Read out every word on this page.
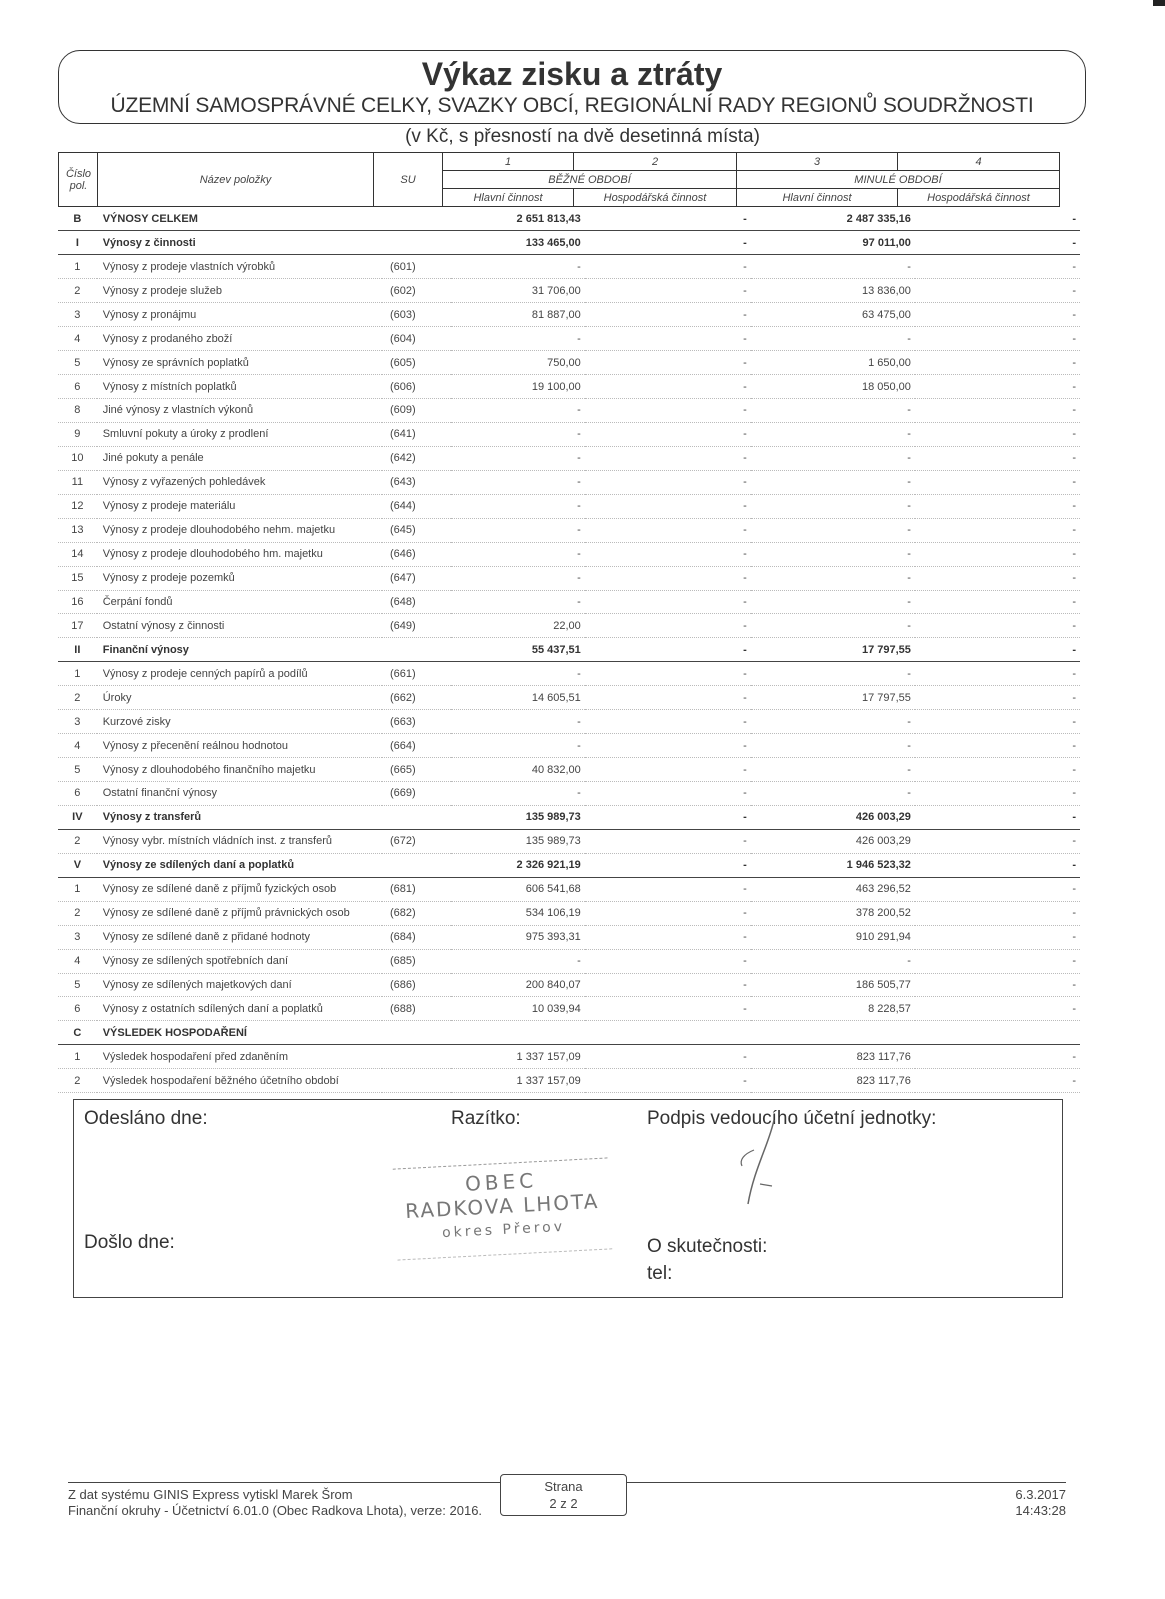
Výkaz zisku a ztráty
ÚZEMNÍ SAMOSPRÁVNÉ CELKY, SVAZKY OBCÍ, REGIONÁLNÍ RADY REGIONŮ SOUDRŽNOSTI
(v Kč, s přesností na dvě desetinná místa)
Číslo pol.	Název položky	SU
1	2	3	4
BĚŽNÉ OBDOBÍ	MINULÉ OBDOBÍ
Hlavní činnost	Hospodářská činnost	Hlavní činnost	Hospodářská činnost
B	VÝNOSY CELKEM		2 651 813,43	-	2 487 335,16	-
I	Výnosy z činnosti		133 465,00	-	97 011,00	-
1	Výnosy z prodeje vlastních výrobků	(601)	-	-	-	-
2	Výnosy z prodeje služeb	(602)	31 706,00	-	13 836,00	-
3	Výnosy z pronájmu	(603)	81 887,00	-	63 475,00	-
4	Výnosy z prodaného zboží	(604)	-	-	-	-
5	Výnosy ze správních poplatků	(605)	750,00	-	1 650,00	-
6	Výnosy z místních poplatků	(606)	19 100,00	-	18 050,00	-
8	Jiné výnosy z vlastních výkonů	(609)	-	-	-	-
9	Smluvní pokuty a úroky z prodlení	(641)	-	-	-	-
10	Jiné pokuty a penále	(642)	-	-	-	-
11	Výnosy z vyřazených pohledávek	(643)	-	-	-	-
12	Výnosy z prodeje materiálu	(644)	-	-	-	-
13	Výnosy z prodeje dlouhodobého nehm. majetku	(645)	-	-	-	-
14	Výnosy z prodeje dlouhodobého hm. majetku	(646)	-	-	-	-
15	Výnosy z prodeje pozemků	(647)	-	-	-	-
16	Čerpání fondů	(648)	-	-	-	-
17	Ostatní výnosy z činnosti	(649)	22,00	-	-	-
II	Finanční výnosy		55 437,51	-	17 797,55	-
1	Výnosy z prodeje cenných papírů a podílů	(661)	-	-	-	-
2	Úroky	(662)	14 605,51	-	17 797,55	-
3	Kurzové zisky	(663)	-	-	-	-
4	Výnosy z přecenění reálnou hodnotou	(664)	-	-	-	-
5	Výnosy z dlouhodobého finančního majetku	(665)	40 832,00	-	-	-
6	Ostatní finanční výnosy	(669)	-	-	-	-
IV	Výnosy z transferů		135 989,73	-	426 003,29	-
2	Výnosy vybr. místních vládních inst. z transferů	(672)	135 989,73	-	426 003,29	-
V	Výnosy ze sdílených daní a poplatků		2 326 921,19	-	1 946 523,32	-
1	Výnosy ze sdílené daně z příjmů fyzických osob	(681)	606 541,68	-	463 296,52	-
2	Výnosy ze sdílené daně z příjmů právnických osob	(682)	534 106,19	-	378 200,52	-
3	Výnosy ze sdílené daně z přidané hodnoty	(684)	975 393,31	-	910 291,94	-
4	Výnosy ze sdílených spotřebních daní	(685)	-	-	-	-
5	Výnosy ze sdílených majetkových daní	(686)	200 840,07	-	186 505,77	-
6	Výnosy z ostatních sdílených daní a poplatků	(688)	10 039,94	-	8 228,57	-
C	VÝSLEDEK HOSPODAŘENÍ					
1	Výsledek hospodaření před zdaněním		1 337 157,09	-	823 117,76	-
2	Výsledek hospodaření běžného účetního období		1 337 157,09	-	823 117,76	-
Odesláno dne:	Razítko:	Podpis vedoucího účetní jednotky:
Došlo dne:	O skutečnosti:
tel:
OBEC
RADKOVA LHOTA
okres Přerov
Z dat systému GINIS Express vytiskl Marek Šrom
Finanční okruhy - Účetnictví 6.01.0 (Obec Radkova Lhota), verze: 2016.
Strana
2 z 2
6.3.2017
14:43:28
